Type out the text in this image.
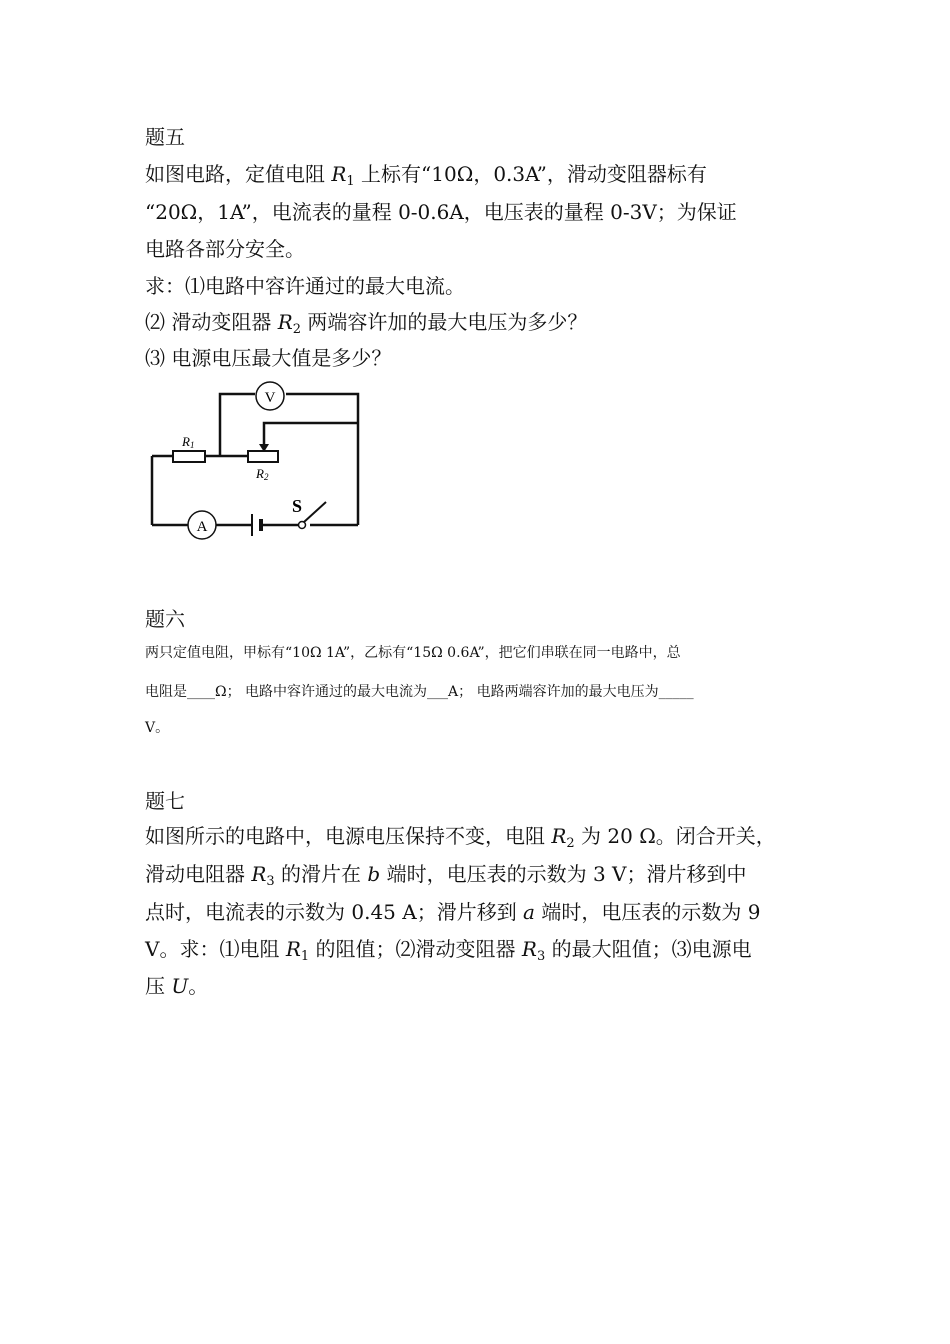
题五
如图电路，定值电阻 $R_1$ 上标有“10Ω，0.3A”，滑动变阻器标有
“20Ω，1A”，电流表的量程 0-0.6A，电压表的量程 0-3V；为保证
电路各部分安全。
求：⑴电路中容许通过的最大电流。
⑵ 滑动变阻器 $R_2$ 两端容许加的最大电压为多少？
⑶ 电源电压最大值是多少？
V
A
S
R1
R2
题六
两只定值电阻，甲标有“10Ω 1A”，乙标有“15Ω 0.6A”，把它们串联在同一电路中，总
电阻是____Ω； 电路中容许通过的最大电流为___A； 电路两端容许加的最大电压为_____
V。
题七
如图所示的电路中，电源电压保持不变，电阻 $R_2$ 为 20 Ω。闭合开关，
滑动电阻器 $R_3$ 的滑片在 b 端时，电压表的示数为 3 V；滑片移到中
点时，电流表的示数为 0.45 A；滑片移到 a 端时，电压表的示数为 9
V。求：⑴电阻 $R_1$ 的阻值；⑵滑动变阻器 $R_3$ 的最大阻值；⑶电源电
压 U。
